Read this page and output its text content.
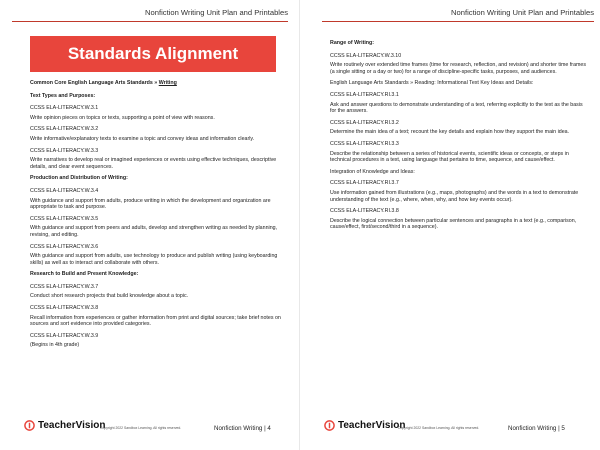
Nonfiction Writing Unit Plan and Printables
Standards Alignment
Common Core English Language Arts Standards » Writing
Text Types and Purposes:
CCSS ELA-LITERACY.W.3.1
Write opinion pieces on topics or texts, supporting a point of view with reasons.
CCSS ELA-LITERACY.W.3.2
Write informative/explanatory texts to examine a topic and convey ideas and information clearly.
CCSS ELA-LITERACY.W.3.3
Write narratives to develop real or imagined experiences or events using effective techniques, descriptive details, and clear event sequences.
Production and Distribution of Writing:
CCSS ELA-LITERACY.W.3.4
With guidance and support from adults, produce writing in which the development and organization are appropriate to task and purpose.
CCSS ELA-LITERACY.W.3.5
With guidance and support from peers and adults, develop and strengthen writing as needed by planning, revising, and editing.
CCSS ELA-LITERACY.W.3.6
With guidance and support from adults, use technology to produce and publish writing (using keyboarding skills) as well as to interact and collaborate with others.
Research to Build and Present Knowledge:
CCSS ELA-LITERACY.W.3.7
Conduct short research projects that build knowledge about a topic.
CCSS ELA-LITERACY.W.3.8
Recall information from experiences or gather information from print and digital sources; take brief notes on sources and sort evidence into provided categories.
CCSS ELA-LITERACY.W.3.9
(Begins in 4th grade)
TeacherVision
Copyright 2022 Sandbox Learning. All rights reserved.	Nonfiction Writing | 4
Nonfiction Writing Unit Plan and Printables
TeacherVision
Copyright 2022 Sandbox Learning. All rights reserved.	Nonfiction Writing | 5
Range of Writing:
CCSS ELA-LITERACY.W.3.10
Write routinely over extended time frames (time for research, reflection, and revision) and shorter time frames (a single sitting or a day or two) for a range of discipline-specific tasks, purposes, and audiences.
English Language Arts Standards » Reading: Informational Text Key Ideas and Details:
CCSS ELA-LITERACY.RI.3.1
Ask and answer questions to demonstrate understanding of a text, referring explicitly to the text as the basis for the answers.
CCSS ELA-LITERACY.RI.3.2
Determine the main idea of a text; recount the key details and explain how they support the main idea.
CCSS ELA-LITERACY.RI.3.3
Describe the relationship between a series of historical events, scientific ideas or concepts, or steps in technical procedures in a text, using language that pertains to time, sequence, and cause/effect.
Integration of Knowledge and Ideas:
CCSS ELA-LITERACY.RI.3.7
Use information gained from illustrations (e.g., maps, photographs) and the words in a text to demonstrate understanding of the text (e.g., where, when, why, and how key events occur).
CCSS ELA-LITERACY.RI.3.8
Describe the logical connection between particular sentences and paragraphs in a text (e.g., comparison, cause/effect, first/second/third in a sequence).
